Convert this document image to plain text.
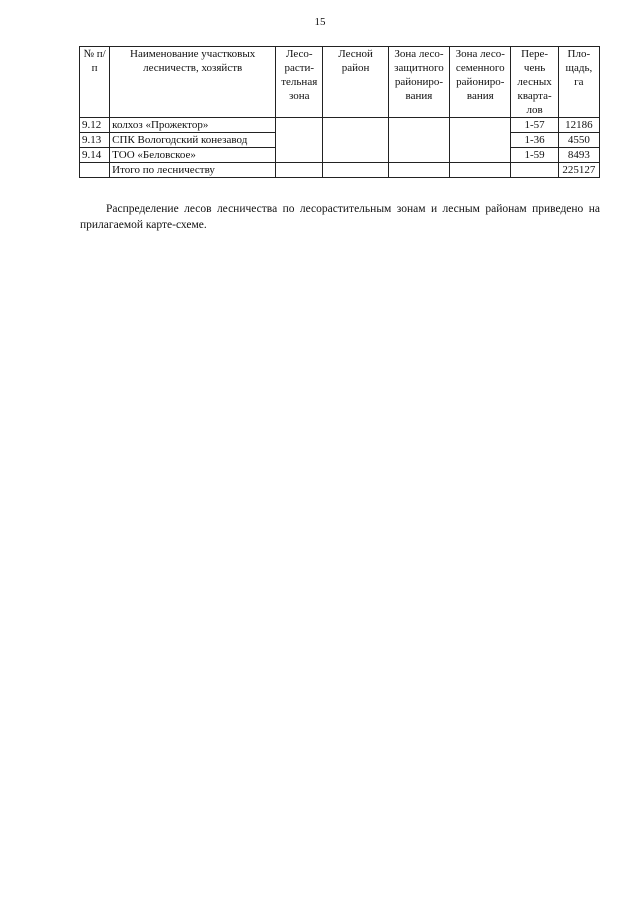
15
№ п/п	Наименование участковых лесничеств, хозяйств	Лесо-расти-тельная зона	Лесной район	Зона лесо-защитного райониро-вания	Зона лесо-семенного райониро-вания	Пере-чень лесных кварта-лов	Пло-щадь, га
9.12	колхоз «Прожектор»					1-57	12186
9.13	СПК Вологодский конезавод					1-36	4550
9.14	ТОО «Беловское»					1-59	8493
	Итого по лесничеству						225127

Распределение лесов лесничества по лесорастительным зонам и лесным районам приведено на прилагаемой карте-схеме.
